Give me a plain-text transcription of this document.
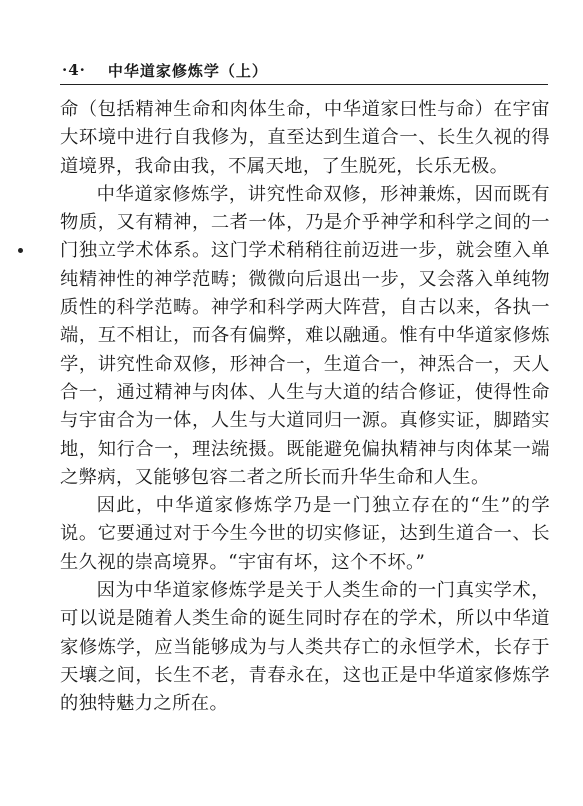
·4· 中华道家修炼学（上）

命（包括精神生命和肉体生命，中华道家曰性与命）在宇宙大环境中进行自我修为，直至达到生道合一、长生久视的得道境界，我命由我，不属天地，了生脱死，长乐无极。

中华道家修炼学，讲究性命双修，形神兼炼，因而既有物质，又有精神，二者一体，乃是介乎神学和科学之间的一门独立学术体系。这门学术稍稍往前迈进一步，就会堕入单纯精神性的神学范畴；微微向后退出一步，又会落入单纯物质性的科学范畴。神学和科学两大阵营，自古以来，各执一端，互不相让，而各有偏弊，难以融通。惟有中华道家修炼学，讲究性命双修，形神合一，生道合一，神炁合一，天人合一，通过精神与肉体、人生与大道的结合修证，使得性命与宇宙合为一体，人生与大道同归一源。真修实证，脚踏实地，知行合一，理法统摄。既能避免偏执精神与肉体某一端之弊病，又能够包容二者之所长而升华生命和人生。

因此，中华道家修炼学乃是一门独立存在的“生”的学说。它要通过对于今生今世的切实修证，达到生道合一、长生久视的崇高境界。“宇宙有坏，这个不坏。”

因为中华道家修炼学是关于人类生命的一门真实学术，可以说是随着人类生命的诞生同时存在的学术，所以中华道家修炼学，应当能够成为与人类共存亡的永恒学术，长存于天壤之间，长生不老，青春永在，这也正是中华道家修炼学的独特魅力之所在。
